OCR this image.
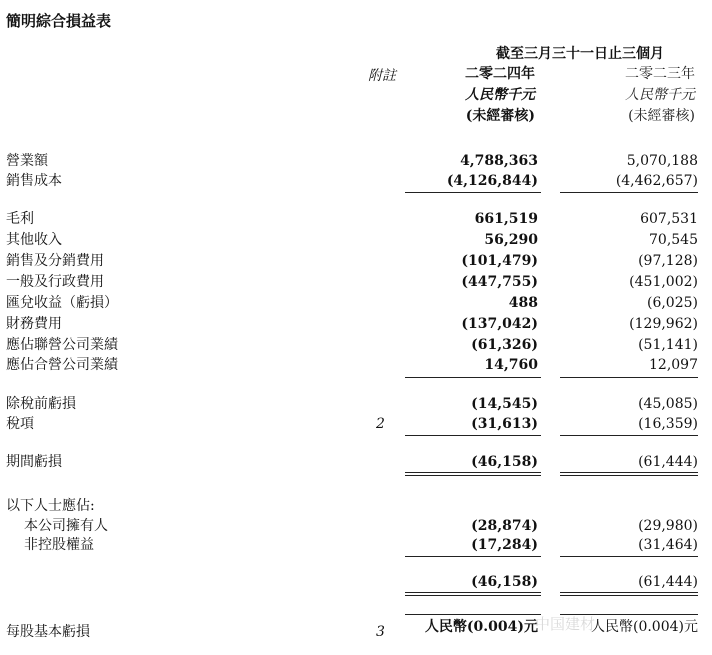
簡明綜合損益表
截至三月三十一日止三個月
附註	二零二四年
人民幣千元
(未經審核)
二零二三年
人民幣千元
(未經審核)
營業額	4,788,363	5,070,188
銷售成本	(4,126,844)	(4,462,657)
毛利	661,519	607,531
其他收入	56,290	70,545
銷售及分銷費用	(101,479)	(97,128)
一般及行政費用	(447,755)	(451,002)
匯兌收益（虧損）	488	(6,025)
財務費用	(137,042)	(129,962)
應佔聯營公司業績	(61,326)	(51,141)
應佔合營公司業績	14,760	12,097
除稅前虧損	(14,545)	(45,085)
稅項	2	(31,613)	(16,359)
期間虧損	(46,158)	(61,444)
以下人士應佔:
本公司擁有人	(28,874)	(29,980)
非控股權益	(17,284)	(31,464)
(46,158)	(61,444)
每股基本虧損	3	人民幣(0.004)元	人民幣(0.004)元
中国建材
